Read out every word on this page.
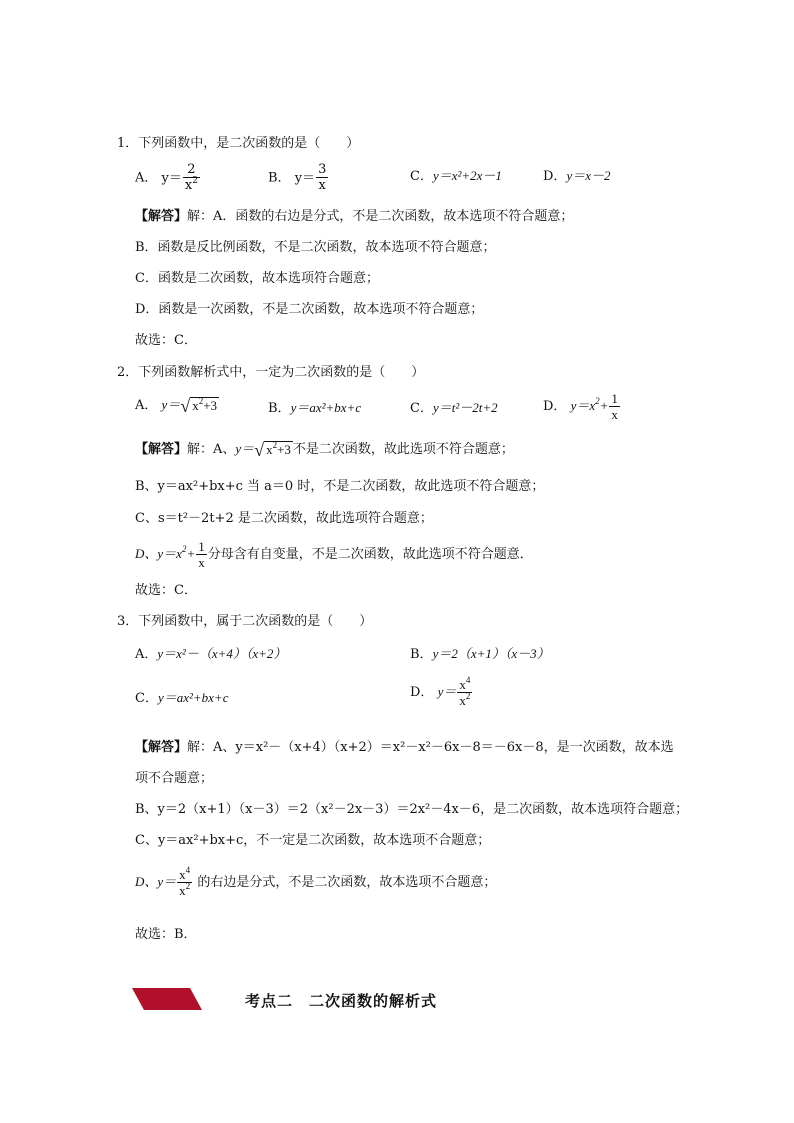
1．下列函数中，是二次函数的是（　　）
A． $y= \frac{2}{x^2}$	B． $y= \frac{3}{x}$	C．y＝x²+2x－1	D．y＝x－2
【解答】解：A．函数的右边是分式，不是二次函数，故本选项不符合题意；
B．函数是反比例函数，不是二次函数，故本选项不符合题意；
C．函数是二次函数，故本选项符合题意；
D．函数是一次函数，不是二次函数，故本选项不符合题意；
故选：C．
2．下列函数解析式中，一定为二次函数的是（　　）
A． y＝√ $x^2+3$	B．y＝ax²+bx+c	C．y＝t²－2t+2	D． $y=x^2+ \frac{1}{x}$
【解答】解：A、y＝√ $x^2+3$ 不是二次函数，故此选项不符合题意；
B、y＝ax²+bx+c 当 a＝0 时，不是二次函数，故此选项不符合题意；
C、s＝t²－2t+2 是二次函数，故此选项符合题意；
D、$y=x^2+ \frac{1}{x}$ 分母含有自变量，不是二次函数，故此选项不符合题意．
故选：C．
3．下列函数中，属于二次函数的是（　　）
A．y＝x²－（x+4）（x+2）	B．y＝2（x+1）（x－3）
C．y＝ax²+bx+c	D． $y= \frac{x^4}{x^2}$
【解答】解：A、y＝x²－（x+4）（x+2）＝x²－x²－6x－8＝－6x－8，是一次函数，故本选
项不合题意；
B、y＝2（x+1）（x－3）＝2（x²－2x－3）＝2x²－4x－6，是二次函数，故本选项符合题意；
C、y＝ax²+bx+c，不一定是二次函数，故本选项不合题意；
D、$y= \frac{x^4}{x^2}$ 的右边是分式，不是二次函数，故本选项不合题意；
故选：B．
考点二　二次函数的解析式
